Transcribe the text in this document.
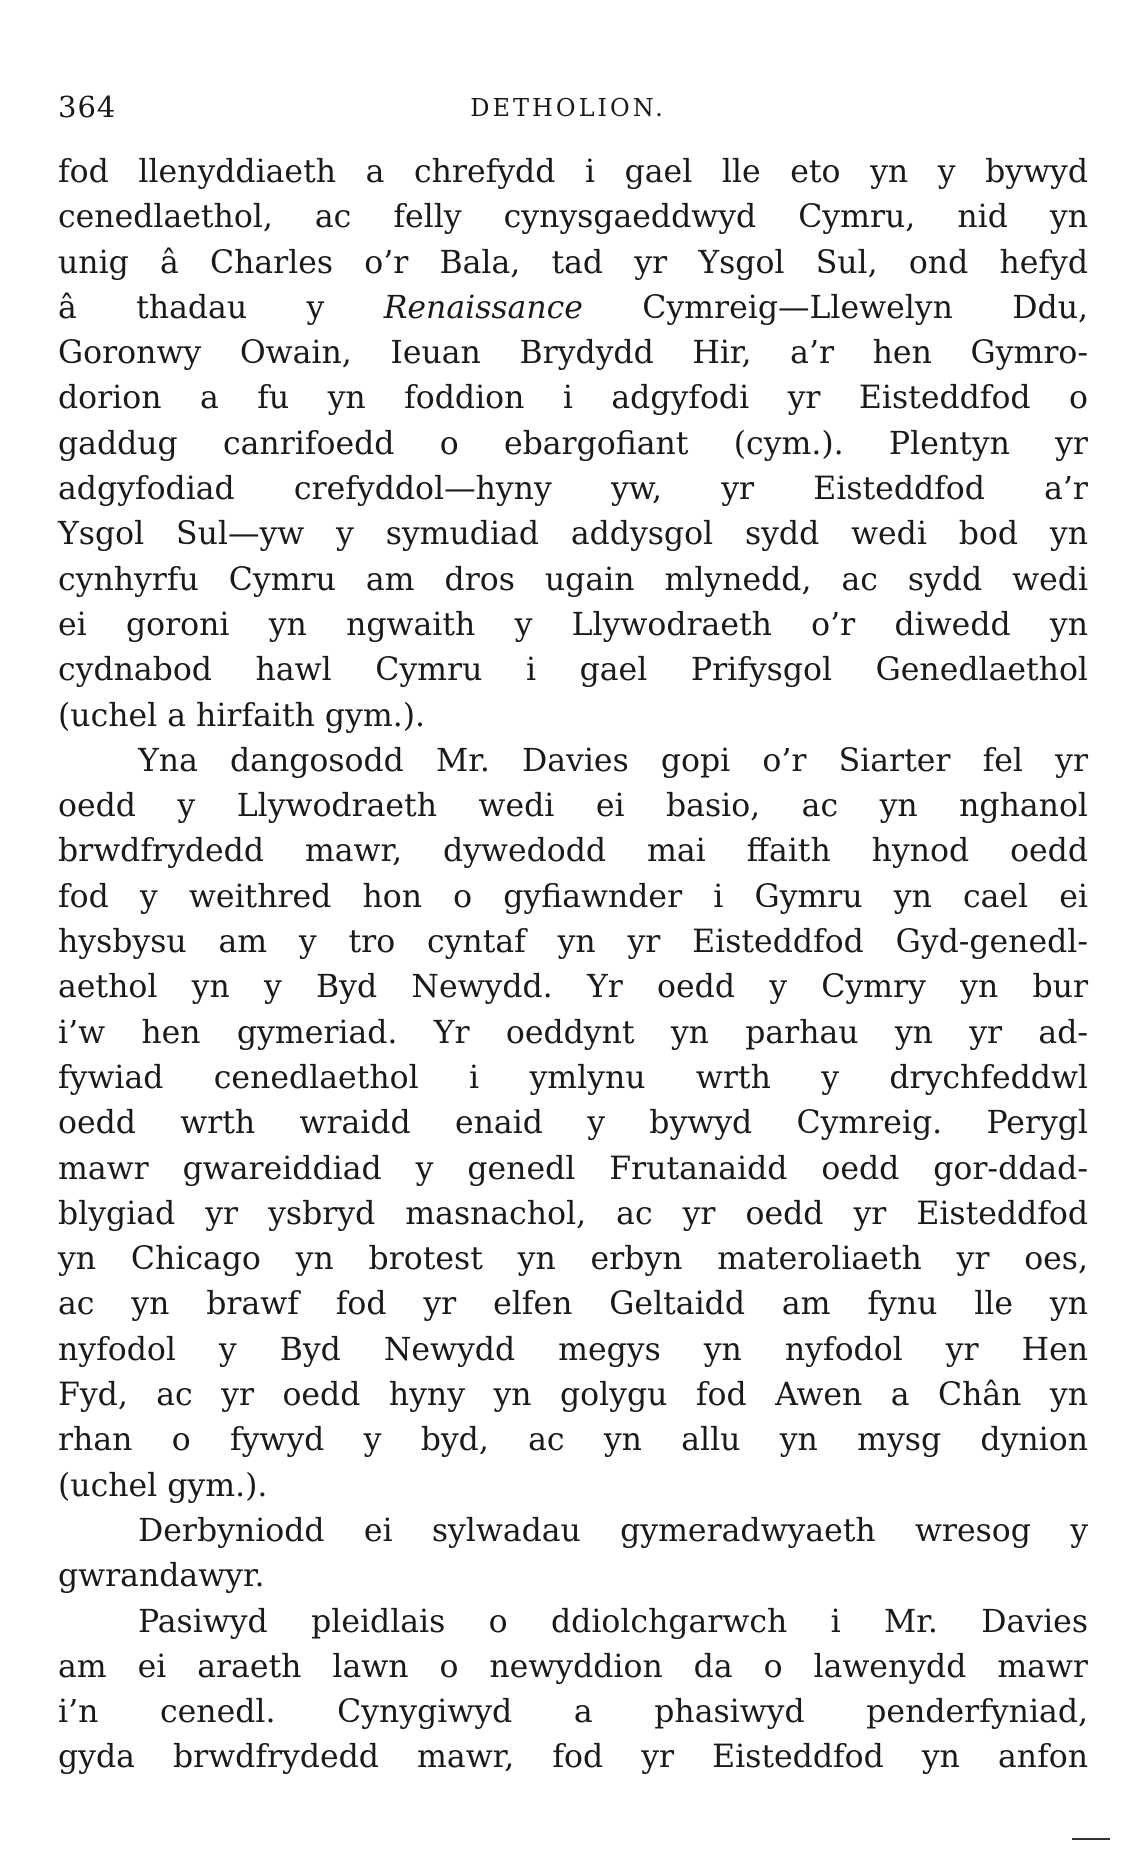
364	DETHOLION.
fod llenyddiaeth a chrefydd i gael lle eto yn y bywyd
cenedlaethol, ac felly cynysgaeddwyd Cymru, nid yn
unig â Charles o’r Bala, tad yr Ysgol Sul, ond hefyd
â thadau y Renaissance Cymreig—Llewelyn Ddu,
Goronwy Owain, Ieuan Brydydd Hir, a’r hen Gymro-
dorion a fu yn foddion i adgyfodi yr Eisteddfod o
gaddug canrifoedd o ebargofiant (cym.). Plentyn yr
adgyfodiad crefyddol—hyny yw, yr Eisteddfod a’r
Ysgol Sul—yw y symudiad addysgol sydd wedi bod yn
cynhyrfu Cymru am dros ugain mlynedd, ac sydd wedi
ei goroni yn ngwaith y Llywodraeth o’r diwedd yn
cydnabod hawl Cymru i gael Prifysgol Genedlaethol
(uchel a hirfaith gym.).
Yna dangosodd Mr. Davies gopi o’r Siarter fel yr
oedd y Llywodraeth wedi ei basio, ac yn nghanol
brwdfrydedd mawr, dywedodd mai ffaith hynod oedd
fod y weithred hon o gyfiawnder i Gymru yn cael ei
hysbysu am y tro cyntaf yn yr Eisteddfod Gyd-genedl-
aethol yn y Byd Newydd. Yr oedd y Cymry yn bur
i’w hen gymeriad. Yr oeddynt yn parhau yn yr ad-
fywiad cenedlaethol i ymlynu wrth y drychfeddwl
oedd wrth wraidd enaid y bywyd Cymreig. Perygl
mawr gwareiddiad y genedl Frutanaidd oedd gor-ddad-
blygiad yr ysbryd masnachol, ac yr oedd yr Eisteddfod
yn Chicago yn brotest yn erbyn materoliaeth yr oes,
ac yn brawf fod yr elfen Geltaidd am fynu lle yn
nyfodol y Byd Newydd megys yn nyfodol yr Hen
Fyd, ac yr oedd hyny yn golygu fod Awen a Chân yn
rhan o fywyd y byd, ac yn allu yn mysg dynion
(uchel gym.).
Derbyniodd ei sylwadau gymeradwyaeth wresog y
gwrandawyr.
Pasiwyd pleidlais o ddiolchgarwch i Mr. Davies
am ei araeth lawn o newyddion da o lawenydd mawr
i’n cenedl. Cynygiwyd a phasiwyd penderfyniad,
gyda brwdfrydedd mawr, fod yr Eisteddfod yn anfon
